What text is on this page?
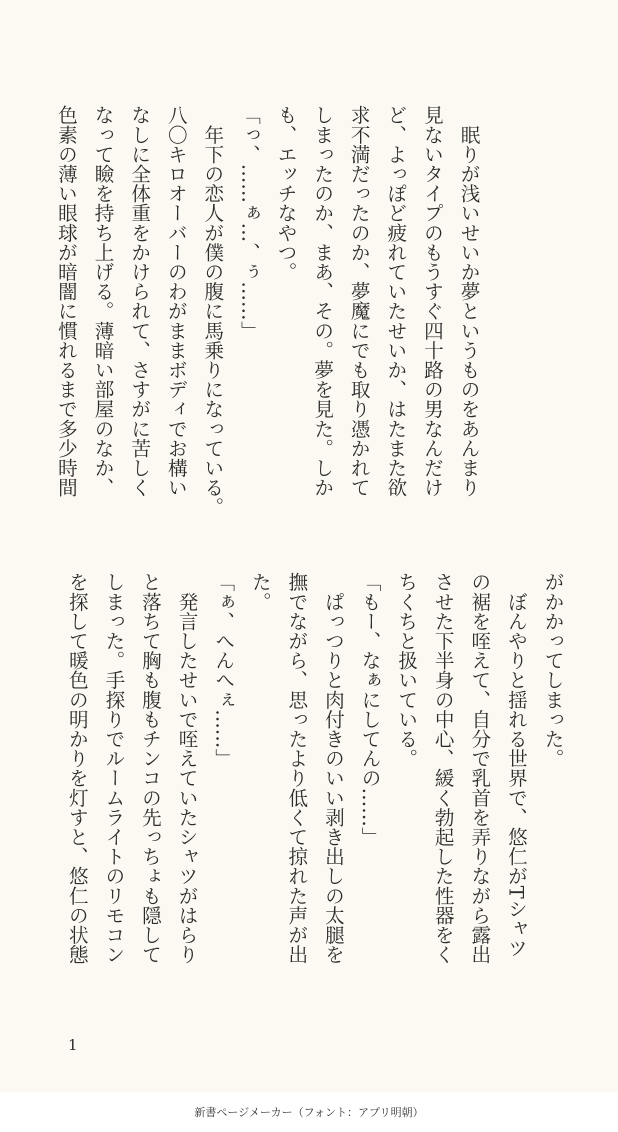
　眠りが浅いせいか夢というものをあんまり
見ないタイプのもうすぐ四十路の男なんだけ
ど、よっぽど疲れていたせいか、はたまた欲
求不満だったのか、夢魔にでも取り憑かれて
しまったのか、まあ、その。夢を見た。しか
も、エッチなやつ。
「っ、……ぁ…、ぅ……」
　年下の恋人が僕の腹に馬乗りになっている。
八〇キロオーバーのわがままボディでお構い
なしに全体重をかけられて、さすがに苦しく
なって瞼を持ち上げる。薄暗い部屋のなか、
色素の薄い眼球が暗闇に慣れるまで多少時間
がかかってしまった。
　ぼんやりと揺れる世界で、悠仁がTシャツ
の裾を咥えて、自分で乳首を弄りながら露出
させた下半身の中心、緩く勃起した性器をく
ちくちと扱いている。
「もー、なぁにしてんの……」
　ぱっつりと肉付きのいい剥き出しの太腿を
撫でながら、思ったより低くて掠れた声が出
た。
「ぁ、へんへぇ……」
　発言したせいで咥えていたシャツがはらり
と落ちて胸も腹もチンコの先っちょも隠して
しまった。手探りでルームライトのリモコン
を探して暖色の明かりを灯すと、悠仁の状態
1
新書ページメーカー（フォント：アプリ明朝）
